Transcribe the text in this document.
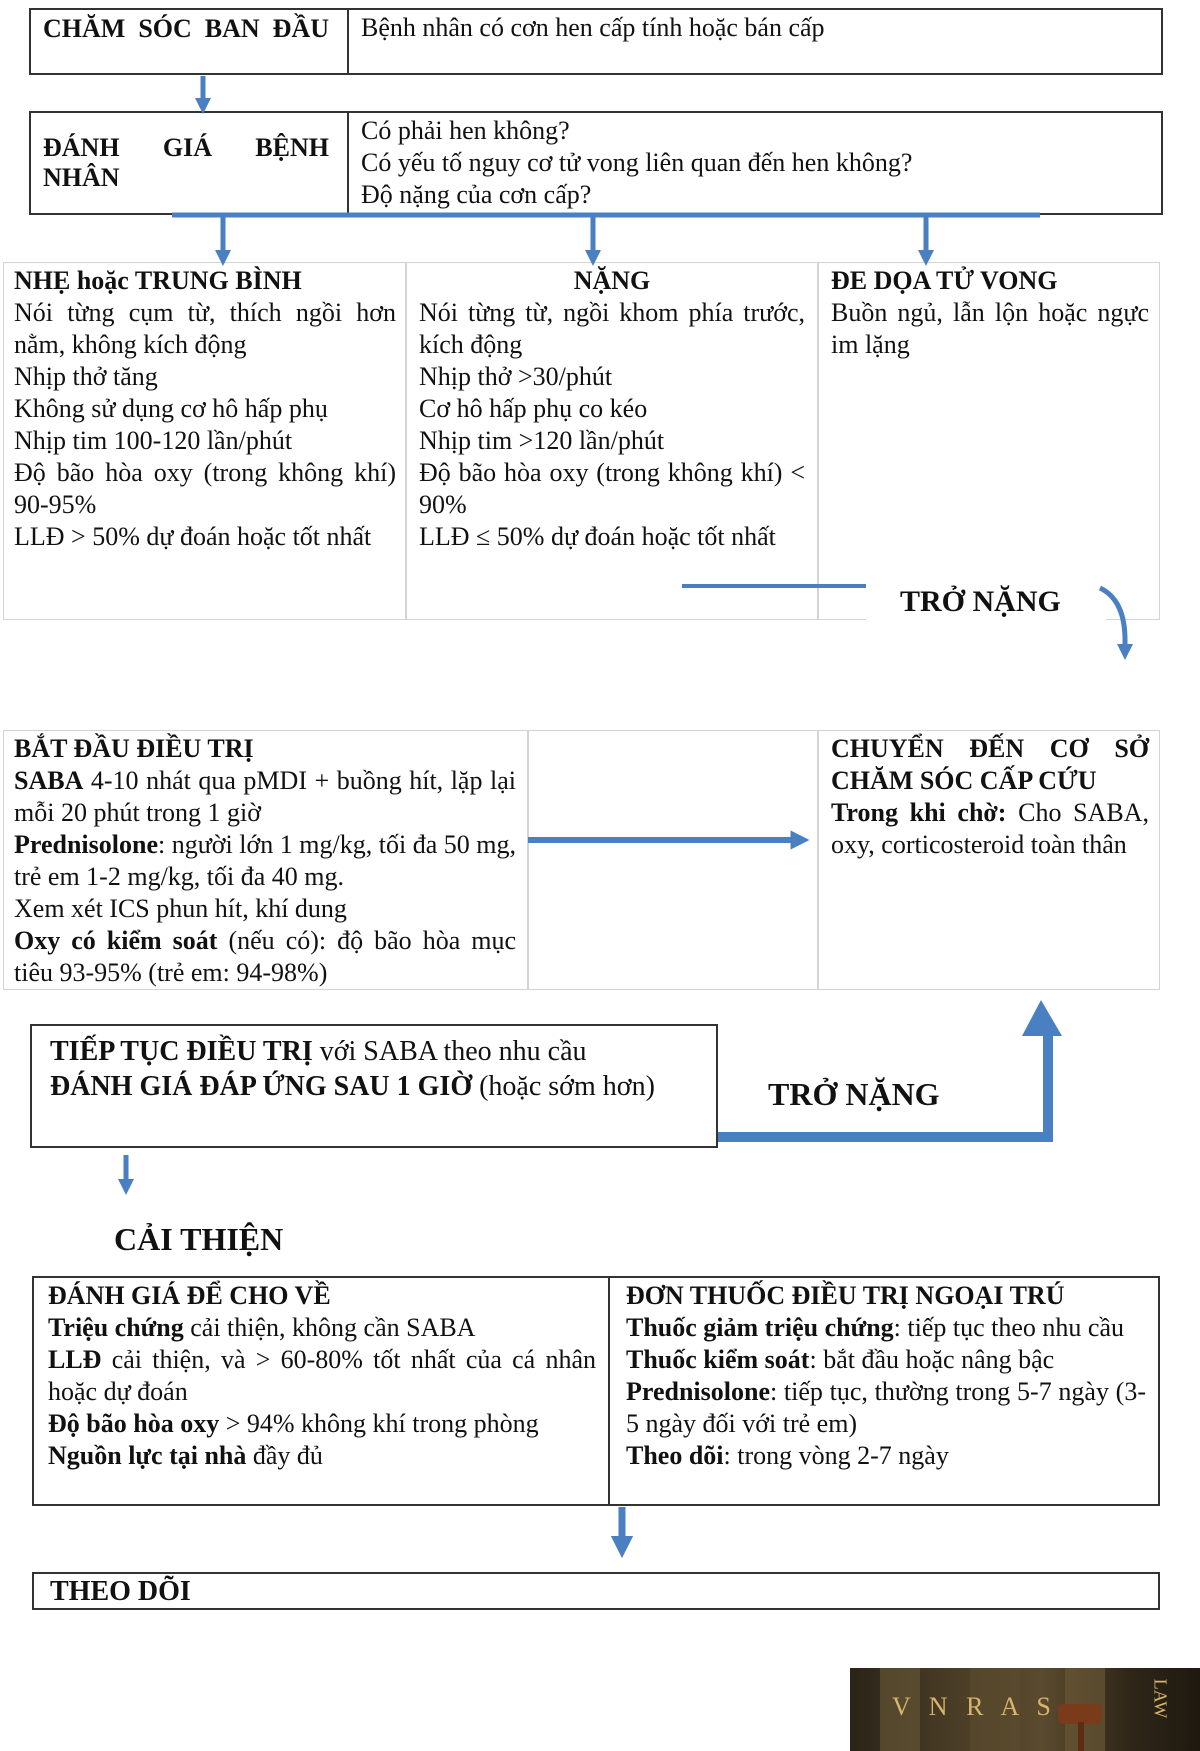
CHĂM SÓC BAN ĐẦU Bệnh nhân có cơn hen cấp tính hoặc bán cấp
ĐÁNH GIÁ BỆNH NHÂN

Có phải hen không?

Có yếu tố nguy cơ tử vong liên quan đến hen không?

Độ nặng của cơn cấp?

NHẸ hoặc TRUNG BÌNH

Nói từng cụm từ, thích ngồi hơn nằm, không kích động

Nhịp thở tăng

Không sử dụng cơ hô hấp phụ

Nhịp tim 100-120 lần/phút

Độ bão hòa oxy (trong không khí) 90-95%

LLĐ > 50% dự đoán hoặc tốt nhất

NẶNG

Nói từng từ, ngồi khom phía trước, kích động

Nhịp thở >30/phút

Cơ hô hấp phụ co kéo

Nhịp tim >120 lần/phút

Độ bão hòa oxy (trong không khí) < 90%

LLĐ ≤ 50% dự đoán hoặc tốt nhất

ĐE DỌA TỬ VONG

Buồn ngủ, lẫn lộn hoặc ngực im lặng

TRỞ NẶNG

BẮT ĐẦU ĐIỀU TRỊ

SABA 4-10 nhát qua pMDI + buồng hít, lặp lại mỗi 20 phút trong 1 giờ

Prednisolone: người lớn 1 mg/kg, tối đa 50 mg, trẻ em 1-2 mg/kg, tối đa 40 mg.

Xem xét ICS phun hít, khí dung

Oxy có kiểm soát (nếu có): độ bão hòa mục tiêu 93-95% (trẻ em: 94-98%)

CHUYỂN ĐẾN CƠ SỞ CHĂM SÓC CẤP CỨU

Trong khi chờ: Cho SABA, oxy, corticosteroid toàn thân

TIẾP TỤC ĐIỀU TRỊ với SABA theo nhu cầu

ĐÁNH GIÁ ĐÁP ỨNG SAU 1 GIỜ (hoặc sớm hơn)	TRỞ NẶNG
CẢI THIỆN

ĐÁNH GIÁ ĐỂ CHO VỀ

Triệu chứng cải thiện, không cần SABA

LLĐ cải thiện, và > 60-80% tốt nhất của cá nhân hoặc dự đoán

Độ bão hòa oxy > 94% không khí trong phòng

Nguồn lực tại nhà đầy đủ

ĐƠN THUỐC ĐIỀU TRỊ NGOẠI TRÚ

Thuốc giảm triệu chứng: tiếp tục theo nhu cầu

Thuốc kiểm soát: bắt đầu hoặc nâng bậc

Prednisolone: tiếp tục, thường trong 5-7 ngày (3-5 ngày đối với trẻ em)

Theo dõi: trong vòng 2-7 ngày

THEO DÕI
V N R A S	LAW
